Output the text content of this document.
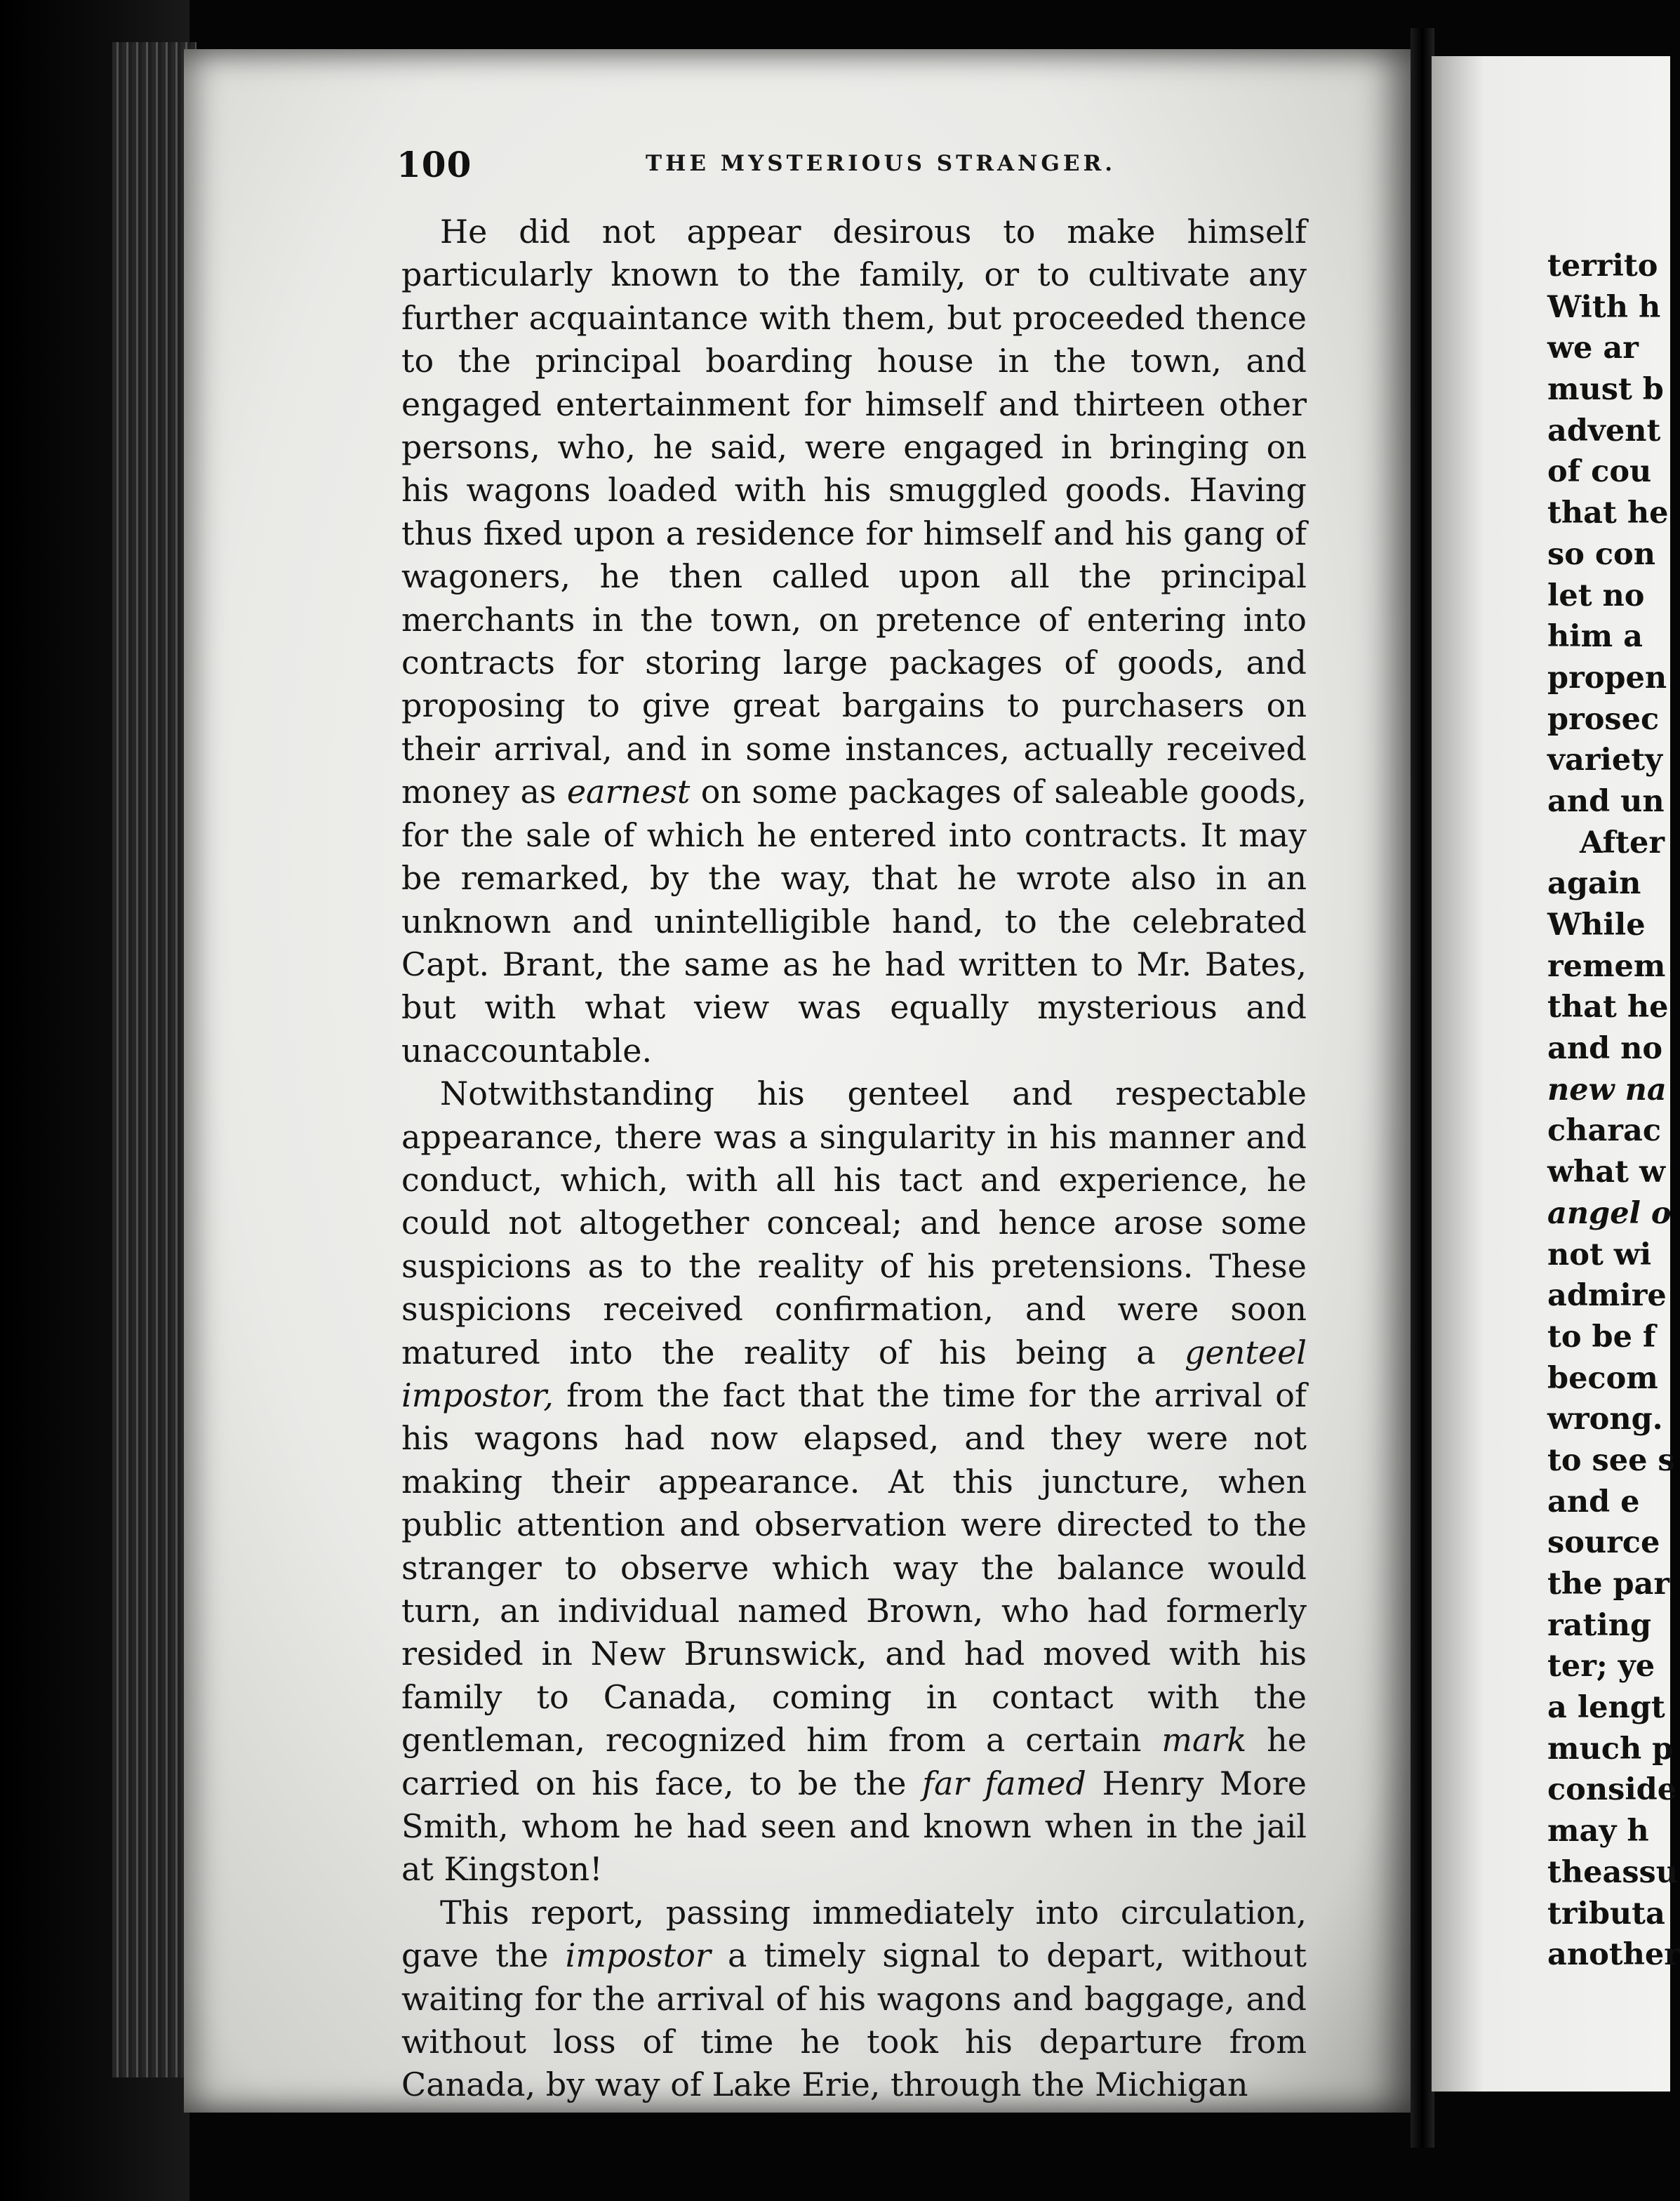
100	THE MYSTERIOUS STRANGER.

He did not appear desirous to make himself particularly known to the family, or to cultivate any further acquaintance with them, but proceeded thence to the principal boarding house in the town, and engaged entertainment for himself and thirteen other persons, who, he said, were engaged in bringing on his wagons loaded with his smuggled goods. Having thus fixed upon a residence for himself and his gang of wagoners, he then called upon all the principal merchants in the town, on pretence of entering into contracts for storing large packages of goods, and proposing to give great bargains to purchasers on their arrival, and in some instances, actually received money as earnest on some packages of saleable goods, for the sale of which he entered into contracts. It may be remarked, by the way, that he wrote also in an unknown and unintelligible hand, to the celebrated Capt. Brant, the same as he had written to Mr. Bates, but with what view was equally mysterious and unaccountable.

Notwithstanding his genteel and respectable appearance, there was a singularity in his manner and conduct, which, with all his tact and experience, he could not altogether conceal; and hence arose some suspicions as to the reality of his pretensions. These suspicions received confirmation, and were soon matured into the reality of his being a genteel impostor, from the fact that the time for the arrival of his wagons had now elapsed, and they were not making their appearance. At this juncture, when public attention and observation were directed to the stranger to observe which way the balance would turn, an individual named Brown, who had formerly resided in New Brunswick, and had moved with his family to Canada, coming in contact with the gentleman, recognized him from a certain mark he carried on his face, to be the far famed Henry More Smith, whom he had seen and known when in the jail at Kingston!

This report, passing immediately into circulation, gave the impostor a timely signal to depart, without waiting for the arrival of his wagons and baggage, and without loss of time he took his departure from Canada, by way of Lake Erie, through the Michigan

territo
With h
we ar
must b
advent
of cou
that he
so con
let no
him a
propen
prosec
variety
and un
After
again
While
remem
that he
and no
new na
charac
what w
angel o
not wi
admire
to be f
becom
wrong.
to see s
and e
source
the par
rating
ter; ye
a lengt
much p
conside
may h
theassu
tributa
another
